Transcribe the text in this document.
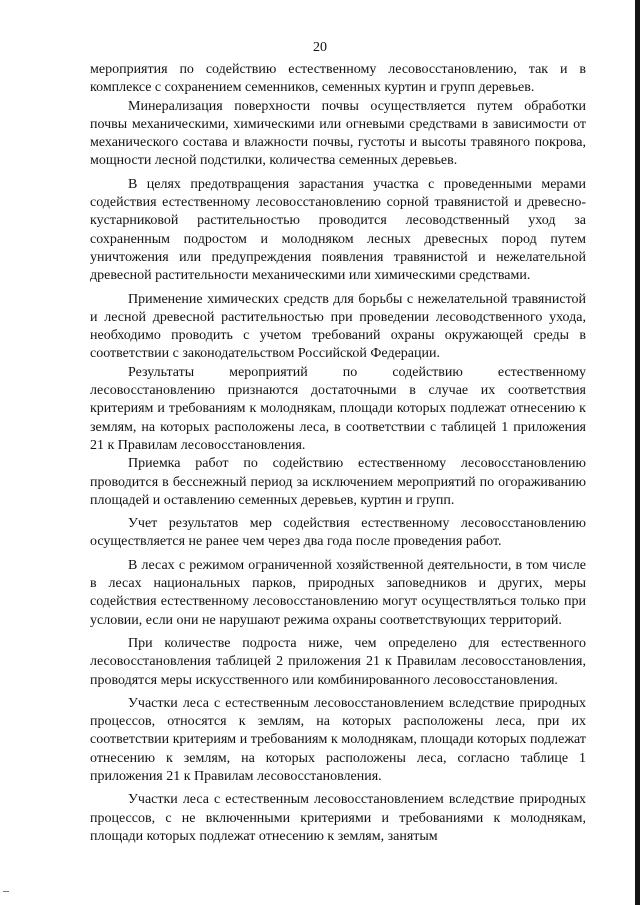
20

мероприятия по содействию естественному лесовосстановлению, так и в комплексе с сохранением семенников, семенных куртин и групп деревьев.

Минерализация поверхности почвы осуществляется путем обработки почвы механическими, химическими или огневыми средствами в зависимости от механического состава и влажности почвы, густоты и высоты травяного покрова, мощности лесной подстилки, количества семенных деревьев.

В целях предотвращения зарастания участка с проведенными мерами содействия естественному лесовосстановлению сорной травянистой и древесно-кустарниковой растительностью проводится лесоводственный уход за сохраненным подростом и молодняком лесных древесных пород путем уничтожения или предупреждения появления травянистой и нежелательной древесной растительности механическими или химическими средствами.

Применение химических средств для борьбы с нежелательной травянистой и лесной древесной растительностью при проведении лесоводственного ухода, необходимо проводить с учетом требований охраны окружающей среды в соответствии с законодательством Российской Федерации.

Результаты мероприятий по содействию естественному лесовосстановлению признаются достаточными в случае их соответствия критериям и требованиям к молоднякам, площади которых подлежат отнесению к землям, на которых расположены леса, в соответствии с таблицей 1 приложения 21 к Правилам лесовосстановления.

Приемка работ по содействию естественному лесовосстановлению проводится в бесснежный период за исключением мероприятий по огораживанию площадей и оставлению семенных деревьев, куртин и групп.

Учет результатов мер содействия естественному лесовосстановлению осуществляется не ранее чем через два года после проведения работ.

В лесах с режимом ограниченной хозяйственной деятельности, в том числе в лесах национальных парков, природных заповедников и других, меры содействия естественному лесовосстановлению могут осуществляться только при условии, если они не нарушают режима охраны соответствующих территорий.

При количестве подроста ниже, чем определено для естественного лесовосстановления таблицей 2 приложения 21 к Правилам лесовосстановления, проводятся меры искусственного или комбинированного лесовосстановления.

Участки леса с естественным лесовосстановлением вследствие природных процессов, относятся к землям, на которых расположены леса, при их соответствии критериям и требованиям к молоднякам, площади которых подлежат отнесению к землям, на которых расположены леса, согласно таблице 1 приложения 21 к Правилам лесовосстановления.

Участки леса с естественным лесовосстановлением вследствие природных процессов, с не включенными критериями и требованиями к молоднякам, площади которых подлежат отнесению к землям, занятым
